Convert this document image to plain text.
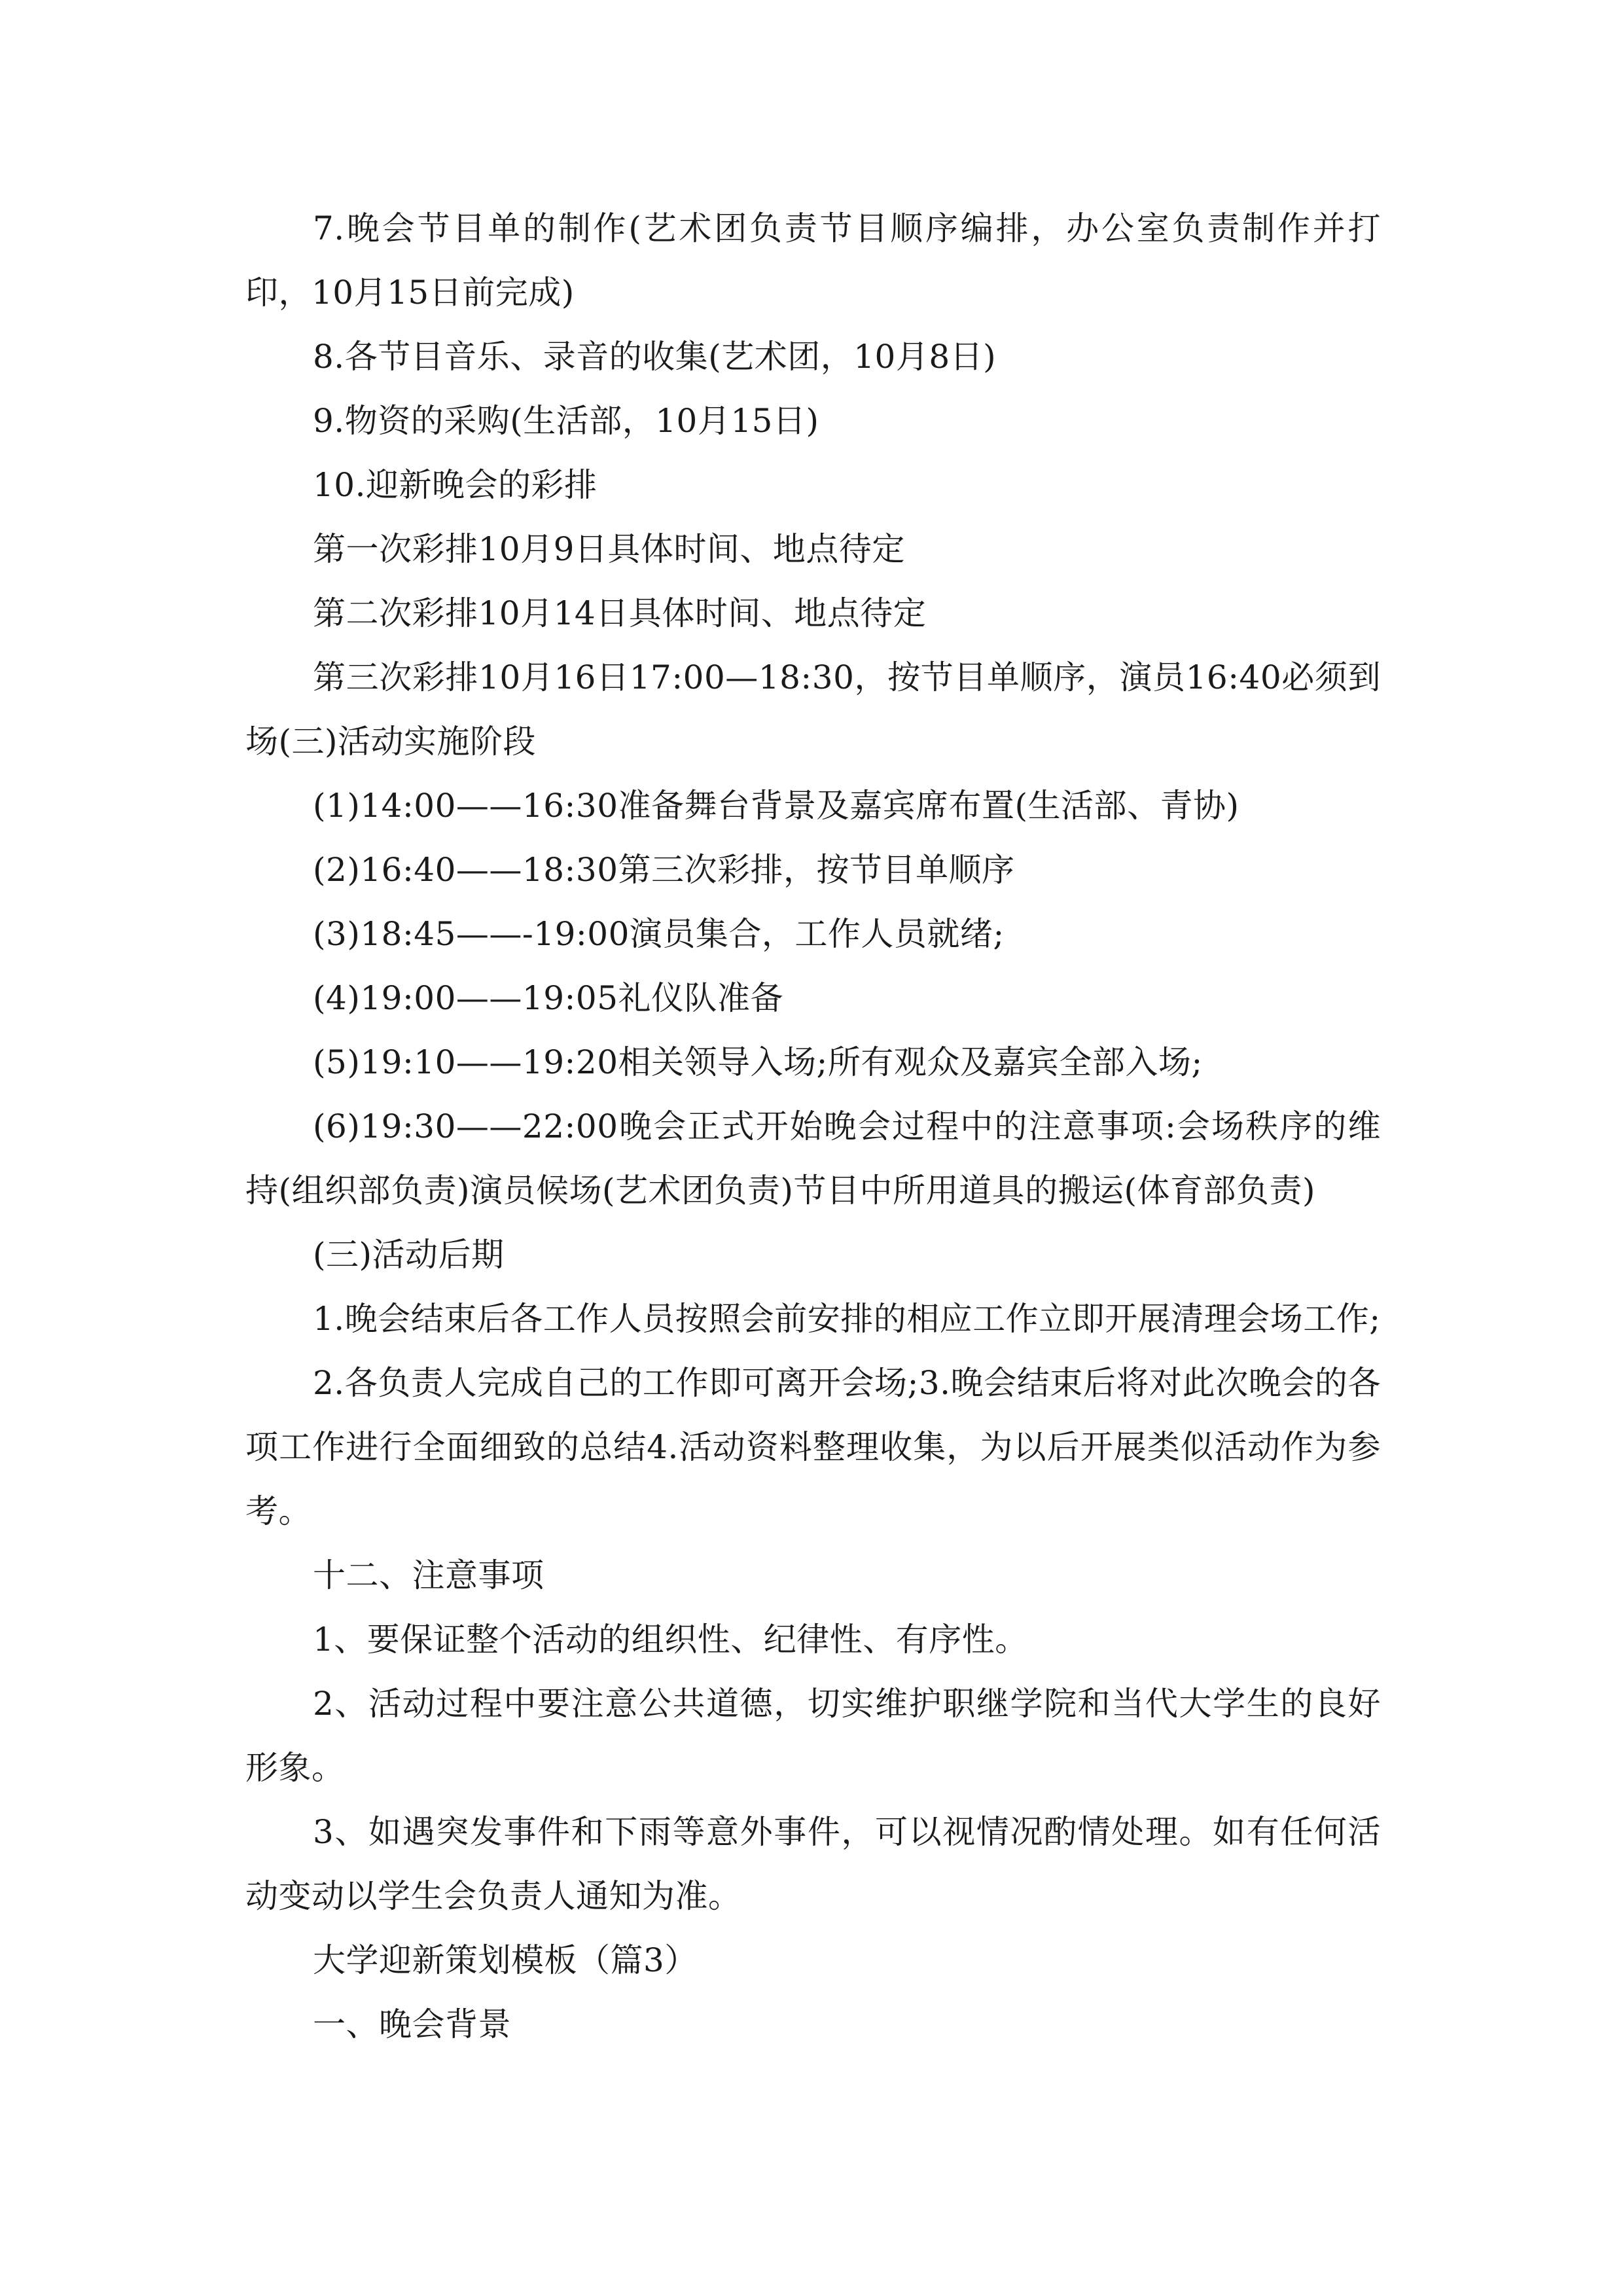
7.晚会节目单的制作(艺术团负责节目顺序编排，办公室负责制作并打印，10月15日前完成)

8.各节目音乐、录音的收集(艺术团，10月8日)

9.物资的采购(生活部，10月15日)

10.迎新晚会的彩排

第一次彩排10月9日具体时间、地点待定

第二次彩排10月14日具体时间、地点待定

第三次彩排10月16日17:00—18:30，按节目单顺序，演员16:40必须到场(三)活动实施阶段

(1)14:00——16:30准备舞台背景及嘉宾席布置(生活部、青协)

(2)16:40——18:30第三次彩排，按节目单顺序

(3)18:45——-19:00演员集合，工作人员就绪;

(4)19:00——19:05礼仪队准备

(5)19:10——19:20相关领导入场;所有观众及嘉宾全部入场;

(6)19:30——22:00晚会正式开始晚会过程中的注意事项:会场秩序的维持(组织部负责)演员候场(艺术团负责)节目中所用道具的搬运(体育部负责)

(三)活动后期

1.晚会结束后各工作人员按照会前安排的相应工作立即开展清理会场工作;

2.各负责人完成自己的工作即可离开会场;3.晚会结束后将对此次晚会的各项工作进行全面细致的总结4.活动资料整理收集，为以后开展类似活动作为参考。

十二、注意事项

1、要保证整个活动的组织性、纪律性、有序性。

2、活动过程中要注意公共道德，切实维护职继学院和当代大学生的良好形象。

3、如遇突发事件和下雨等意外事件，可以视情况酌情处理。如有任何活动变动以学生会负责人通知为准。

大学迎新策划模板（篇3）

一、晚会背景
